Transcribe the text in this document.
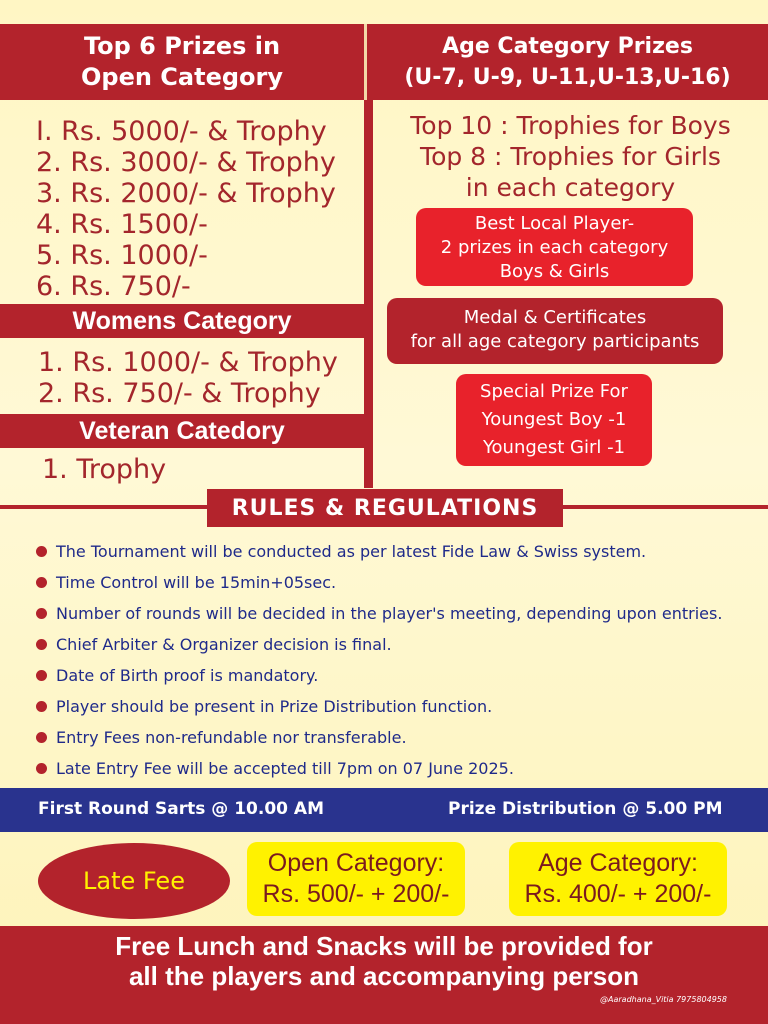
Top 6 Prizes in
Open Category
Age Category Prizes
(U-7, U-9, U-11,U-13,U-16)
I. Rs. 5000/- & Trophy
2. Rs. 3000/- & Trophy
3. Rs. 2000/- & Trophy
4. Rs. 1500/-
5. Rs. 1000/-
6. Rs. 750/-
Womens Category
1. Rs. 1000/- & Trophy
2. Rs. 750/- & Trophy
Veteran Catedory
1. Trophy
Top 10 : Trophies for Boys
Top 8 : Trophies for Girls
in each category
Best Local Player-
2 prizes in each category
Boys & Girls
Medal & Certificates
for all age category participants
Special Prize For
Youngest Boy -1
Youngest Girl -1
RULES & REGULATIONS
The Tournament will be conducted as per latest Fide Law & Swiss system.
Time Control will be 15min+05sec.
Number of rounds will be decided in the player's meeting, depending upon entries.
Chief Arbiter & Organizer decision is final.
Date of Birth proof is mandatory.
Player should be present in Prize Distribution function.
Entry Fees non-refundable nor transferable.
Late Entry Fee will be accepted till 7pm on 07 June 2025.
First Round Sarts @ 10.00 AM	Prize Distribution @ 5.00 PM
Late Fee
Open Category:
Rs. 500/- + 200/-
Age Category:
Rs. 400/- + 200/-
Free Lunch and Snacks will be provided for
all the players and accompanying person
@Aaradhana_Vitia 7975804958
